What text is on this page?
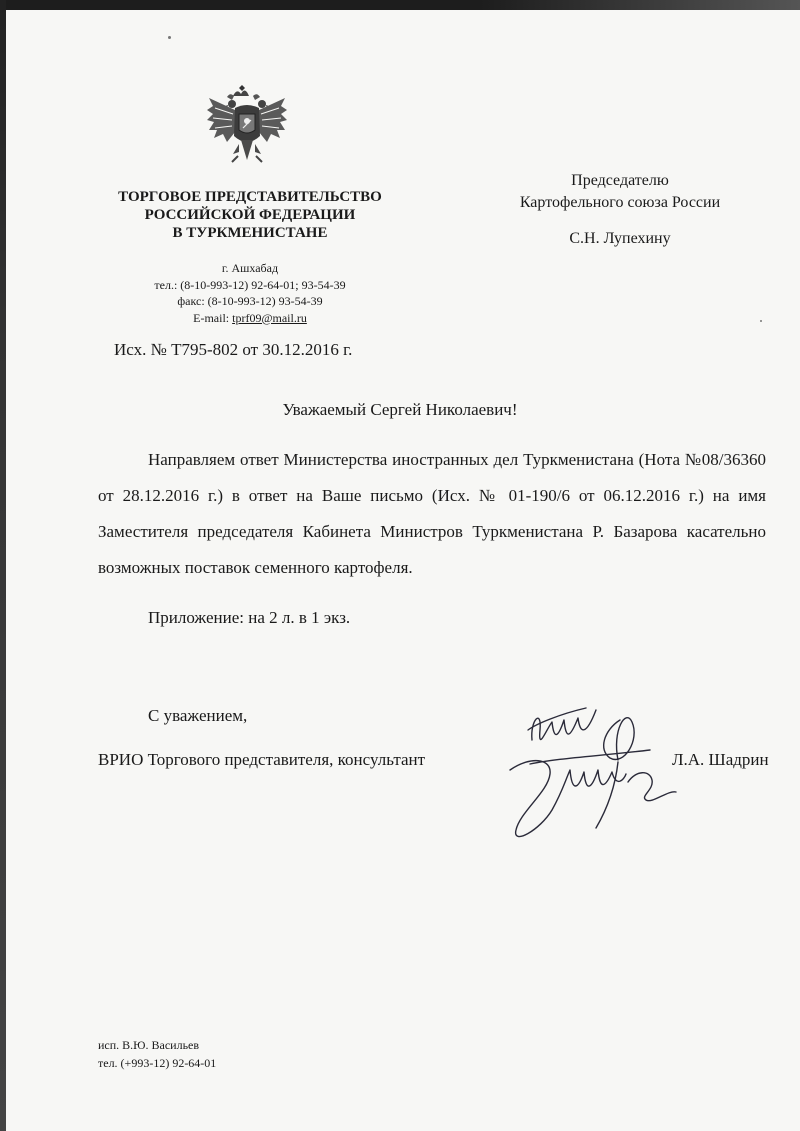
ТОРГОВОЕ ПРЕДСТАВИТЕЛЬСТВО
РОССИЙСКОЙ ФЕДЕРАЦИИ
В ТУРКМЕНИСТАНЕ
г. Ашхабад
тел.: (8-10-993-12) 92-64-01; 93-54-39
факс: (8-10-993-12) 93-54-39
E-mail: tprf09@mail.ru
Исх. № Т795-802 от 30.12.2016 г.
Председателю
Картофельного союза России
С.Н. Лупехину
Уважаемый Сергей Николаевич!

Направляем ответ Министерства иностранных дел Туркменистана (Нота №08/36360 от 28.12.2016 г.) в ответ на Ваше письмо (Исх. № 01-190/6 от 06.12.2016 г.) на имя Заместителя председателя Кабинета Министров Туркменистана Р. Базарова касательно возможных поставок семенного картофеля.

Приложение: на 2 л. в 1 экз.
С уважением,
ВРИО Торгового представителя, консультант	Л.А. Шадрин
исп. В.Ю. Васильев
тел. (+993-12) 92-64-01
